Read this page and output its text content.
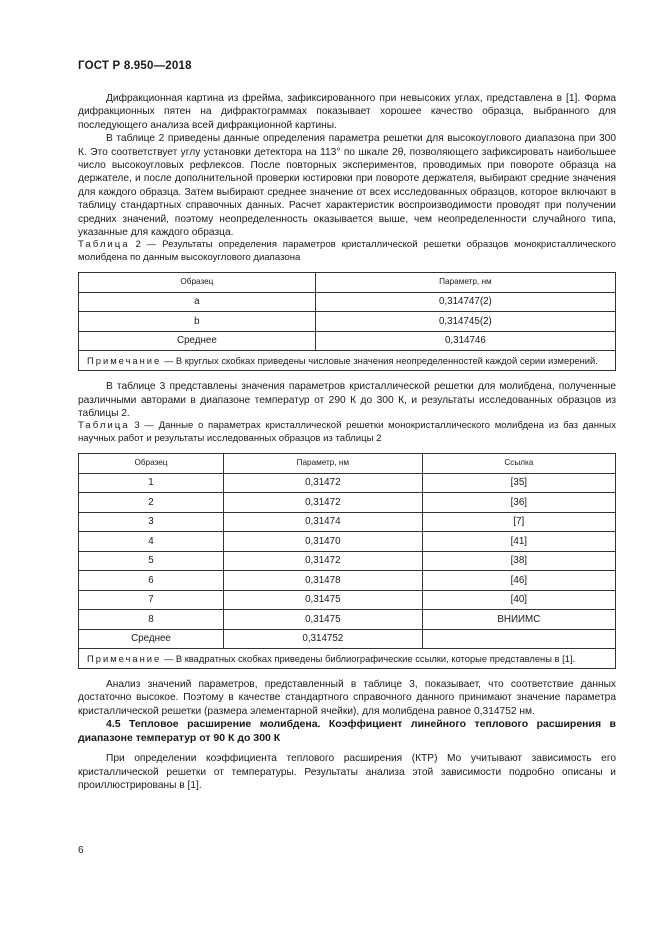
ГОСТ Р 8.950—2018

Дифракционная картина из фрейма, зафиксированного при невысоких углах, представлена в [1]. Форма дифракционных пятен на дифрактограммах показывает хорошее качество образца, выбранного для последующего анализа всей дифракционной картины.

В таблице 2 приведены данные определения параметра решетки для высокоуглового диапазона при 300 К. Это соответствует углу установки детектора на 113° по шкале 2θ, позволяющего зафиксировать наибольшее число высокоугловых рефлексов. После повторных экспериментов, проводимых при повороте образца на держателе, и после дополнительной проверки юстировки при повороте держателя, выбирают средние значения для каждого образца. Затем выбирают среднее значение от всех исследованных образцов, которое включают в таблицу стандартных справочных данных. Расчет характеристик воспроизводимости проводят при получении средних значений, поэтому неопределенность оказывается выше, чем неопределенности случайного типа, указанные для каждого образца.

Таблица 2 — Результаты определения параметров кристаллической решетки образцов монокристаллического молибдена по данным высокоуглового диапазона

Образец	Параметр, нм
a	0,314747(2)
b	0,314745(2)
Среднее	0,314746
Примечание — В круглых скобках приведены числовые значения неопределенностей каждой серии измерений.	

В таблице 3 представлены значения параметров кристаллической решетки для молибдена, полученные различными авторами в диапазоне температур от 290 К до 300 К, и результаты исследованных образцов из таблицы 2.

Таблица 3 — Данные о параметрах кристаллической решетки монокристаллического молибдена из баз данных научных работ и результаты исследованных образцов из таблицы 2

Образец	Параметр, нм	Ссылка
1	0,31472	[35]
2	0,31472	[36]
3	0,31474	[7]
4	0,31470	[41]
5	0,31472	[38]
6	0,31478	[46]
7	0,31475	[40]
8	0,31475	ВНИИМС
Среднее	0,314752	
Примечание — В квадратных скобках приведены библиографические ссылки, которые представлены в [1].		

Анализ значений параметров, представленный в таблице 3, показывает, что соответствие данных достаточно высокое. Поэтому в качестве стандартного справочного данного принимают значение параметра кристаллической решетки (размера элементарной ячейки), для молибдена равное 0,314752 нм.

4.5 Тепловое расширение молибдена. Коэффициент линейного теплового расширения в диапазоне температур от 90 К до 300 К

При определении коэффициента теплового расширения (КТР) Мо учитывают зависимость его кристаллической решетки от температуры. Результаты анализа этой зависимости подробно описаны и проиллюстрированы в [1].

6
